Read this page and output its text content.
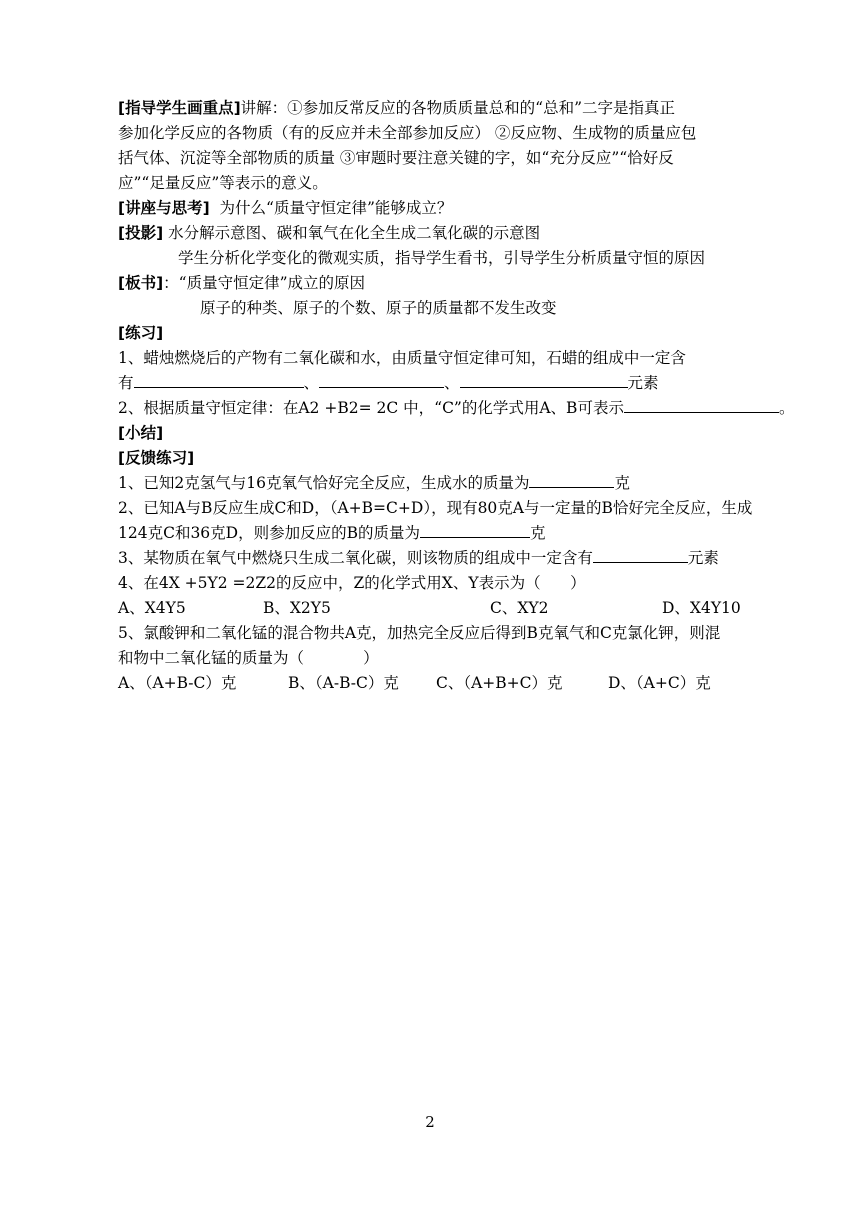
[指导学生画重点]讲解：①参加反常反应的各物质质量总和的“总和”二字是指真正

参加化学反应的各物质（有的反应并未全部参加反应） ②反应物、生成物的质量应包

括气体、沉淀等全部物质的质量 ③审题时要注意关键的字，如“充分反应”“恰好反

应”“足量反应”等表示的意义。

[讲座与思考]  为什么“质量守恒定律”能够成立？

[投影] 水分解示意图、碳和氧气在化全生成二氧化碳的示意图

学生分析化学变化的微观实质，指导学生看书，引导学生分析质量守恒的原因

[板书]：“质量守恒定律”成立的原因

原子的种类、原子的个数、原子的质量都不发生改变

[练习]

1、蜡烛燃烧后的产物有二氧化碳和水，由质量守恒定律可知，石蜡的组成中一定含

有	、	、	元素

2、根据质量守恒定律：在A2 +B2= 2C 中，“C”的化学式用A、B可表示	。

[小结]

[反馈练习]

1、已知2克氢气与16克氧气恰好完全反应，生成水的质量为	克

2、已知A与B反应生成C和D，（A+B=C+D），现有80克A与一定量的B恰好完全反应，生成

124克C和36克D，则参加反应的B的质量为	克

3、某物质在氧气中燃烧只生成二氧化碳，则该物质的组成中一定含有	元素

4、在4X +5Y2 =2Z2的反应中，Z的化学式用X、Y表示为（      ）

A、X4Y5	B、X2Y5	C、XY2	D、X4Y10

5、氯酸钾和二氧化锰的混合物共A克，加热完全反应后得到B克氧气和C克氯化钾，则混

和物中二氧化锰的质量为（            ）

A、（A+B-C）克	B、（A-B-C）克	C、（A+B+C）克	D、（A+C）克

2
